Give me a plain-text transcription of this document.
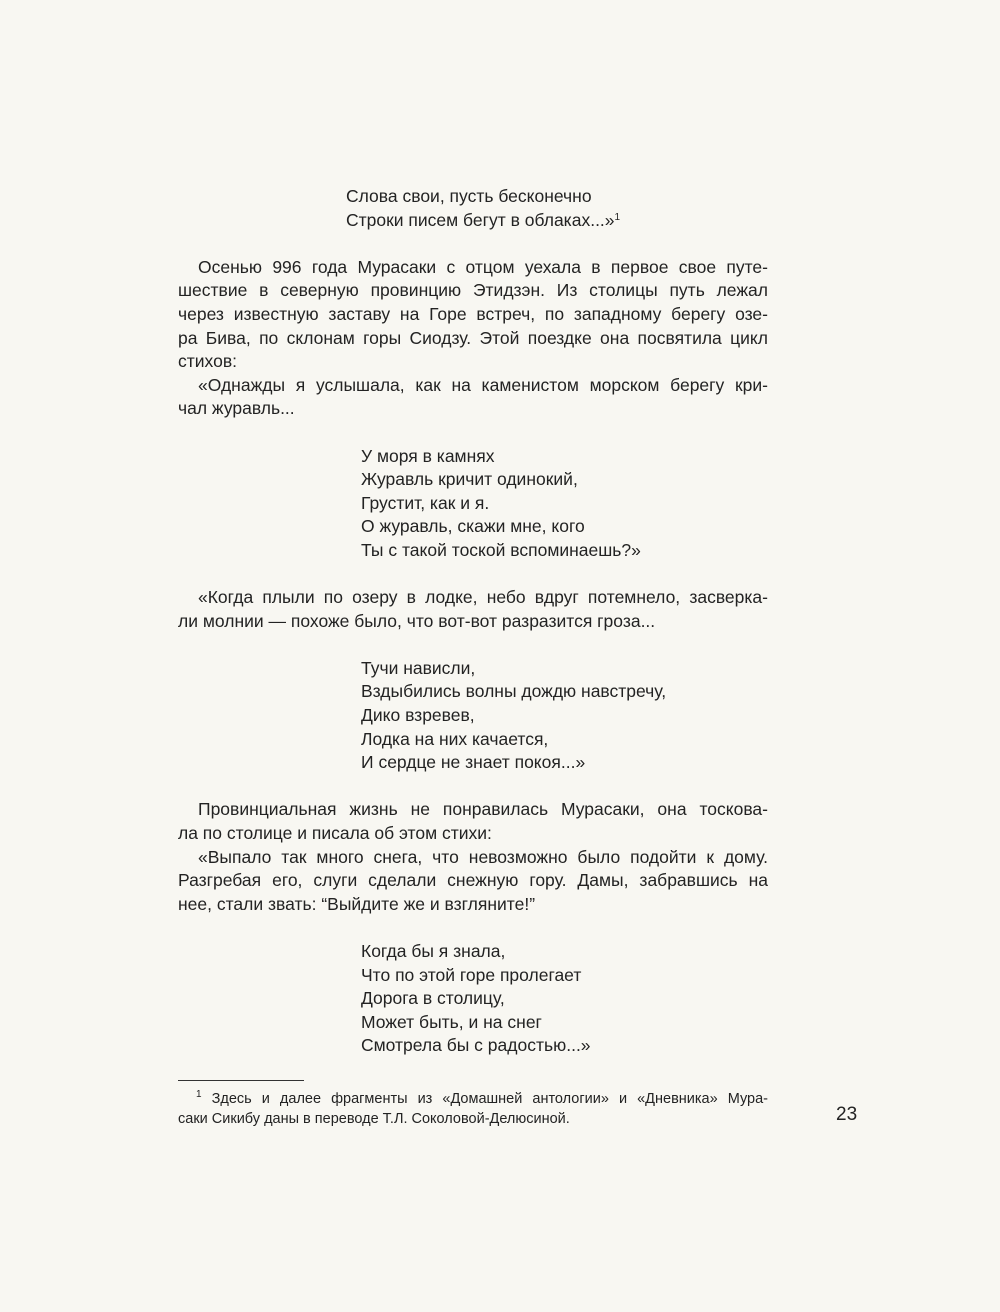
Слова свои, пусть бесконечно
Строки писем бегут в облаках...»$^1$
Осенью 996 года Мурасаки с отцом уехала в первое свое путе-
шествие в северную провинцию Этидзэн. Из столицы путь лежал
через известную заставу на Горе встреч, по западному берегу озе-
ра Бива, по склонам горы Сиодзу. Этой поездке она посвятила цикл
стихов:
«Однажды я услышала, как на каменистом морском берегу кри-
чал журавль...
У моря в камнях
Журавль кричит одинокий,
Грустит, как и я.
О журавль, скажи мне, кого
Ты с такой тоской вспоминаешь?»
«Когда плыли по озеру в лодке, небо вдруг потемнело, засверка-
ли молнии — похоже было, что вот-вот разразится гроза...
Тучи нависли,
Вздыбились волны дождю навстречу,
Дико взревев,
Лодка на них качается,
И сердце не знает покоя...»
Провинциальная жизнь не понравилась Мурасаки, она тоскова-
ла по столице и писала об этом стихи:
«Выпало так много снега, что невозможно было подойти к дому.
Разгребая его, слуги сделали снежную гору. Дамы, забравшись на
нее, стали звать: “Выйдите же и взгляните!”
Когда бы я знала,
Что по этой горе пролегает
Дорога в столицу,
Может быть, и на снег
Смотрела бы с радостью...»
$^1$ Здесь и далее фрагменты из «Домашней антологии» и «Дневника» Мура-
саки Сикибу даны в переводе Т.Л. Соколовой-Делюсиной.	23
